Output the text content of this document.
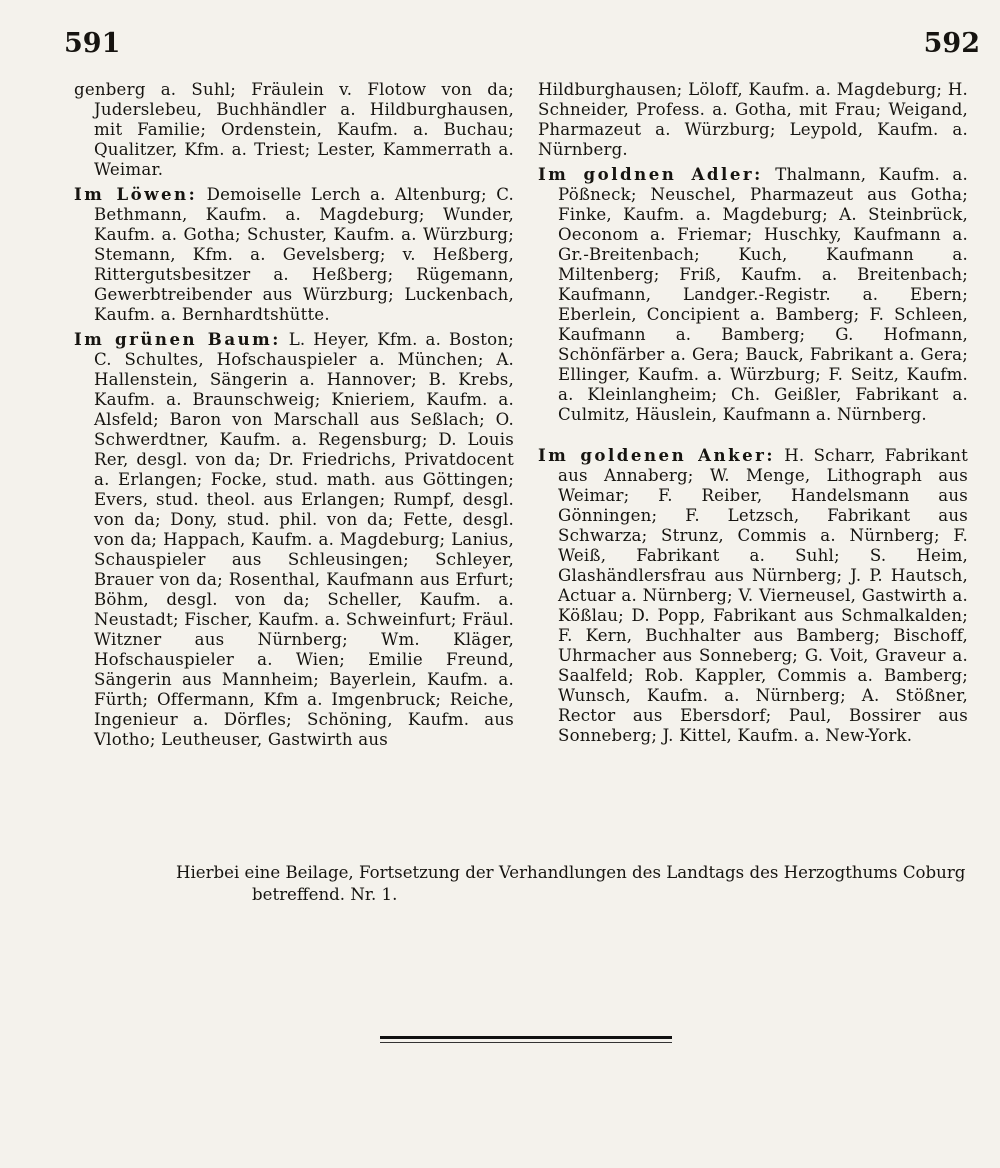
591	592

genberg a. Suhl; Fräulein v. Flotow von da; Juderslebeu, Buchhändler a. Hildburghausen, mit Familie; Ordenstein, Kaufm. a. Buchau; Qualitzer, Kfm. a. Triest; Lester, Kammerrath a. Weimar.

Im Löwen: Demoiselle Lerch a. Altenburg; C. Bethmann, Kaufm. a. Magdeburg; Wunder, Kaufm. a. Gotha; Schuster, Kaufm. a. Würzburg; Stemann, Kfm. a. Gevelsberg; v. Heßberg, Rittergutsbesitzer a. Heßberg; Rügemann, Gewerbtreibender aus Würzburg; Luckenbach, Kaufm. a. Bernhardtshütte.

Im grünen Baum: L. Heyer, Kfm. a. Boston; C. Schultes, Hofschauspieler a. München; A. Hallenstein, Sängerin a. Hannover; B. Krebs, Kaufm. a. Braunschweig; Knieriem, Kaufm. a. Alsfeld; Baron von Marschall aus Seßlach; O. Schwerdtner, Kaufm. a. Regensburg; D. Louis Rer, desgl. von da; Dr. Friedrichs, Privatdocent a. Erlangen; Focke, stud. math. aus Göttingen; Evers, stud. theol. aus Erlangen; Rumpf, desgl. von da; Dony, stud. phil. von da; Fette, desgl. von da; Happach, Kaufm. a. Magdeburg; Lanius, Schauspieler aus Schleusingen; Schleyer, Brauer von da; Rosenthal, Kaufmann aus Erfurt; Böhm, desgl. von da; Scheller, Kaufm. a. Neustadt; Fischer, Kaufm. a. Schweinfurt; Fräul. Witzner aus Nürnberg; Wm. Kläger, Hofschauspieler a. Wien; Emilie Freund, Sängerin aus Mannheim; Bayerlein, Kaufm. a. Fürth; Offermann, Kfm a. Imgenbruck; Reiche, Ingenieur a. Dörfles; Schöning, Kaufm. aus Vlotho; Leutheuser, Gastwirth aus

Hildburghausen; Löloff, Kaufm. a. Magdeburg; H. Schneider, Profess. a. Gotha, mit Frau; Weigand, Pharmazeut a. Würzburg; Leypold, Kaufm. a. Nürnberg.

Im goldnen Adler: Thalmann, Kaufm. a. Pößneck; Neuschel, Pharmazeut aus Gotha; Finke, Kaufm. a. Magdeburg; A. Steinbrück, Oeconom a. Friemar; Huschky, Kaufmann a. Gr.-Breitenbach; Kuch, Kaufmann a. Miltenberg; Friß, Kaufm. a. Breitenbach; Kaufmann, Landger.-Registr. a. Ebern; Eberlein, Concipient a. Bamberg; F. Schleen, Kaufmann a. Bamberg; G. Hofmann, Schönfärber a. Gera; Bauck, Fabrikant a. Gera; Ellinger, Kaufm. a. Würzburg; F. Seitz, Kaufm. a. Kleinlangheim; Ch. Geißler, Fabrikant a. Culmitz, Häuslein, Kaufmann a. Nürnberg.

Im goldenen Anker: H. Scharr, Fabrikant aus Annaberg; W. Menge, Lithograph aus Weimar; F. Reiber, Handelsmann aus Gönningen; F. Letzsch, Fabrikant aus Schwarza; Strunz, Commis a. Nürnberg; F. Weiß, Fabrikant a. Suhl; S. Heim, Glashändlersfrau aus Nürnberg; J. P. Hautsch, Actuar a. Nürnberg; V. Vierneusel, Gastwirth a. Kößlau; D. Popp, Fabrikant aus Schmalkalden; F. Kern, Buchhalter aus Bamberg; Bischoff, Uhrmacher aus Sonneberg; G. Voit, Graveur a. Saalfeld; Rob. Kappler, Commis a. Bamberg; Wunsch, Kaufm. a. Nürnberg; A. Stößner, Rector aus Ebersdorf; Paul, Bossirer aus Sonneberg; J. Kittel, Kaufm. a. New-York.

Hierbei eine Beilage, Fortsetzung der Verhandlungen des Landtags des Herzogthums Coburg
betreffend. Nr. 1.
